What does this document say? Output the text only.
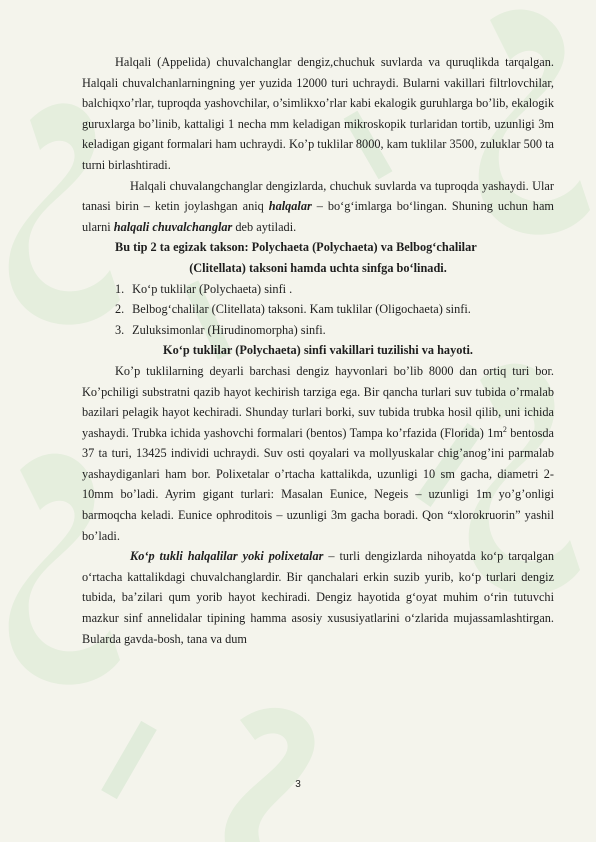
Halqali (Appelida) chuvalchanglar dengiz,chuchuk suvlarda va quruqlikda tarqalgan. Halqali chuvalchanlarningning yer yuzida 12000 turi uchraydi. Bularni vakillari filtrlovchilar, balchiqxo’rlar, tuproqda yashovchilar, o’simlikxo’rlar kabi ekalogik guruhlarga bo’lib, ekalogik guruxlarga bo’linib, kattaligi 1 necha mm keladigan mikroskopik turlaridan tortib, uzunligi 3m keladigan gigant formalari ham uchraydi. Ko’p tuklilar 8000, kam tuklilar 3500, zuluklar 500 ta turni birlashtiradi.

Halqali chuvalangchanglar dengizlarda, chuchuk suvlarda va tuproqda yashaydi. Ular tanasi birin – ketin joylashgan aniq halqalar – bo‘g‘imlarga bo‘lingan. Shuning uchun ham ularni halqali chuvalchanglar deb aytiladi.

Bu tip 2 ta egizak takson: Polychaeta (Polychaeta) va Belbog‘chalilar

(Clitellata) taksoni hamda uchta sinfga bo‘linadi.

1. Ko‘p tuklilar (Polychaeta) sinfi .
2. Belbog‘chalilar (Clitellata) taksoni. Kam tuklilar (Oligochaeta) sinfi.
3. Zuluksimonlar (Hirudinomorpha) sinfi.

Ko‘p tuklilar (Polychaeta) sinfi vakillari tuzilishi va hayoti.

Ko’p tuklilarning deyarli barchasi dengiz hayvonlari bo’lib 8000 dan ortiq turi bor. Ko’pchiligi substratni qazib hayot kechirish tarziga ega. Bir qancha turlari suv tubida o’rmalab bazilari pelagik hayot kechiradi. Shunday turlari borki, suv tubida trubka hosil qilib, uni ichida yashaydi. Trubka ichida yashovchi formalari (bentos) Tampa ko’rfazida (Florida) $1m^2$ bentosda 37 ta turi, 13425 individi uchraydi. Suv osti qoyalari va mollyuskalar chig’anog’ini parmalab yashaydiganlari ham bor. Polixetalar o’rtacha kattalikda, uzunligi 10 sm gacha, diametri 2-10mm bo’ladi. Ayrim gigant turlari: Masalan Eunice, Negeis – uzunligi 1m yo’g’onligi barmoqcha keladi. Eunice ophroditois – uzunligi 3m gacha boradi. Qon “xlorokruorin” yashil bo’ladi.

Ko‘p tukli halqalilar yoki polixetalar – turli dengizlarda nihoyatda ko‘p tarqalgan o‘rtacha kattalikdagi chuvalchanglardir. Bir qanchalari erkin suzib yurib, ko‘p turlari dengiz tubida, ba’zilari qum yorib hayot kechiradi. Dengiz hayotida g‘oyat muhim o‘rin tutuvchi mazkur sinf annelidalar tipining hamma asosiy xususiyatlarini o‘zlarida mujassamlashtirgan. Bularda gavda-bosh, tana va dum

3
